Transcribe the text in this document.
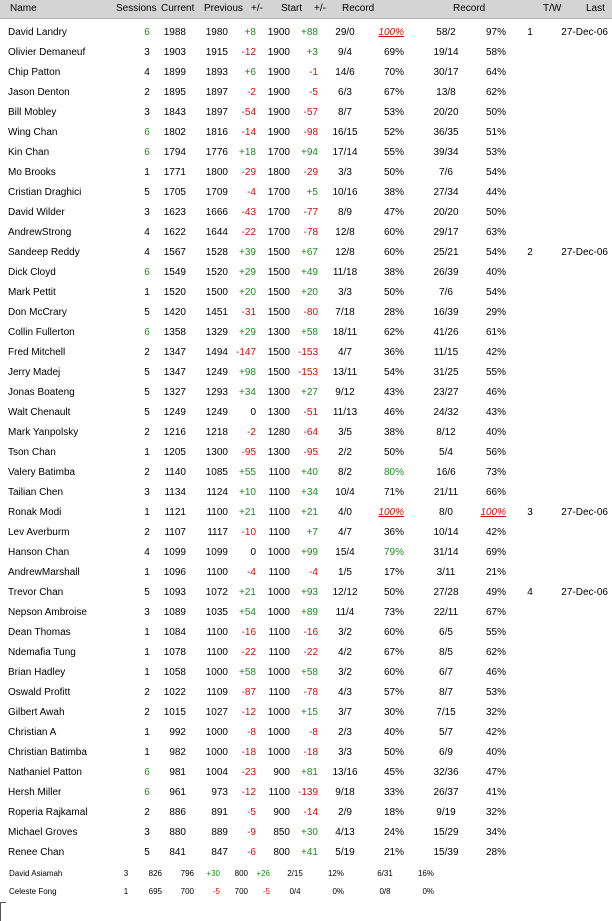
Name	Sessions Current Previous +/- Start +/- Record	Record	T/W Last
David Landry	6	1988	1980	+8	1900	+88	29/0	100%	58/2	97%	1	27-Dec-06
Olivier Demaneuf	3	1903	1915	-12	1900	+3	9/4	69%	19/14	58%
Chip Patton	4	1899	1893	+6	1900	-1	14/6	70%	30/17	64%
Jason Denton	2	1895	1897	-2	1900	-5	6/3	67%	13/8	62%
Bill Mobley	3	1843	1897	-54	1900	-57	8/7	53%	20/20	50%
Wing Chan	6	1802	1816	-14	1900	-98	16/15	52%	36/35	51%
Kin Chan	6	1794	1776	+18	1700	+94	17/14	55%	39/34	53%
Mo Brooks	1	1771	1800	-29	1800	-29	3/3	50%	7/6	54%
Cristian Draghici	5	1705	1709	-4	1700	+5	10/16	38%	27/34	44%
David Wilder	3	1623	1666	-43	1700	-77	8/9	47%	20/20	50%
AndrewStrong	4	1622	1644	-22	1700	-78	12/8	60%	29/17	63%
Sandeep Reddy	4	1567	1528	+39	1500	+67	12/8	60%	25/21	54%	2	27-Dec-06
Dick Cloyd	6	1549	1520	+29	1500	+49	11/18	38%	26/39	40%
Mark Pettit	1	1520	1500	+20	1500	+20	3/3	50%	7/6	54%
Don McCrary	5	1420	1451	-31	1500	-80	7/18	28%	16/39	29%
Collin Fullerton	6	1358	1329	+29	1300	+58	18/11	62%	41/26	61%
Fred Mitchell	2	1347	1494 -147	1500 -153	4/7	36%	11/15	42%
Jerry Madej	5	1347	1249	+98	1500 -153	13/11	54%	31/25	55%
Jonas Boateng	5	1327	1293	+34	1300	+27	9/12	43%	23/27	46%
Walt Chenault	5	1249	1249	0	1300	-51	11/13	46%	24/32	43%
Mark Yanpolsky	2	1216	1218	-2	1280	-64	3/5	38%	8/12	40%
Tson Chan	1	1205	1300	-95	1300	-95	2/2	50%	5/4	56%
Valery Batimba	2	1140	1085	+55	1100	+40	8/2	80%	16/6	73%
Tailian Chen	3	1134	1124	+10	1100	+34	10/4	71%	21/11	66%
Ronak Modi	1	1121	1100	+21	1100	+21	4/0	100%	8/0	100%	3	27-Dec-06
Lev Averburm	2	1107	1117	-10	1100	+7	4/7	36%	10/14	42%
Hanson Chan	4	1099	1099	0	1000	+99	15/4	79%	31/14	69%
AndrewMarshall	1	1096	1100	-4	1100	-4	1/5	17%	3/11	21%
Trevor Chan	5	1093	1072	+21	1000	+93	12/12	50%	27/28	49%	4	27-Dec-06
Nepson Ambroise	3	1089	1035	+54	1000	+89	11/4	73%	22/11	67%
Dean Thomas	1	1084	1100	-16	1100	-16	3/2	60%	6/5	55%
Ndemafia Tung	1	1078	1100	-22	1100	-22	4/2	67%	8/5	62%
Brian Hadley	1	1058	1000	+58	1000	+58	3/2	60%	6/7	46%
Oswald Profitt	2	1022	1109	-87	1100	-78	4/3	57%	8/7	53%
Gilbert Awah	2	1015	1027	-12	1000	+15	3/7	30%	7/15	32%
Christian A	1	992	1000	-8	1000	-8	2/3	40%	5/7	42%
Christian Batimba	1	982	1000	-18	1000	-18	3/3	50%	6/9	40%
Nathaniel Patton	6	981	1004	-23	900	+81	13/16	45%	32/36	47%
Hersh Miller	6	961	973	-12	1100 -139	9/18	33%	26/37	41%
Roperia Rajkamal	2	886	891	-5	900	-14	2/9	18%	9/19	32%
Michael Groves	3	880	889	-9	850	+30	4/13	24%	15/29	34%
Renee Chan	5	841	847	-6	800	+41	5/19	21%	15/39	28%
David Asiamah	3	826	796	+30	800	+26	2/15	12%	6/31	16%
Celeste Fong	1	695	700	-5	700	-5	0/4	0%	0/8	0%
